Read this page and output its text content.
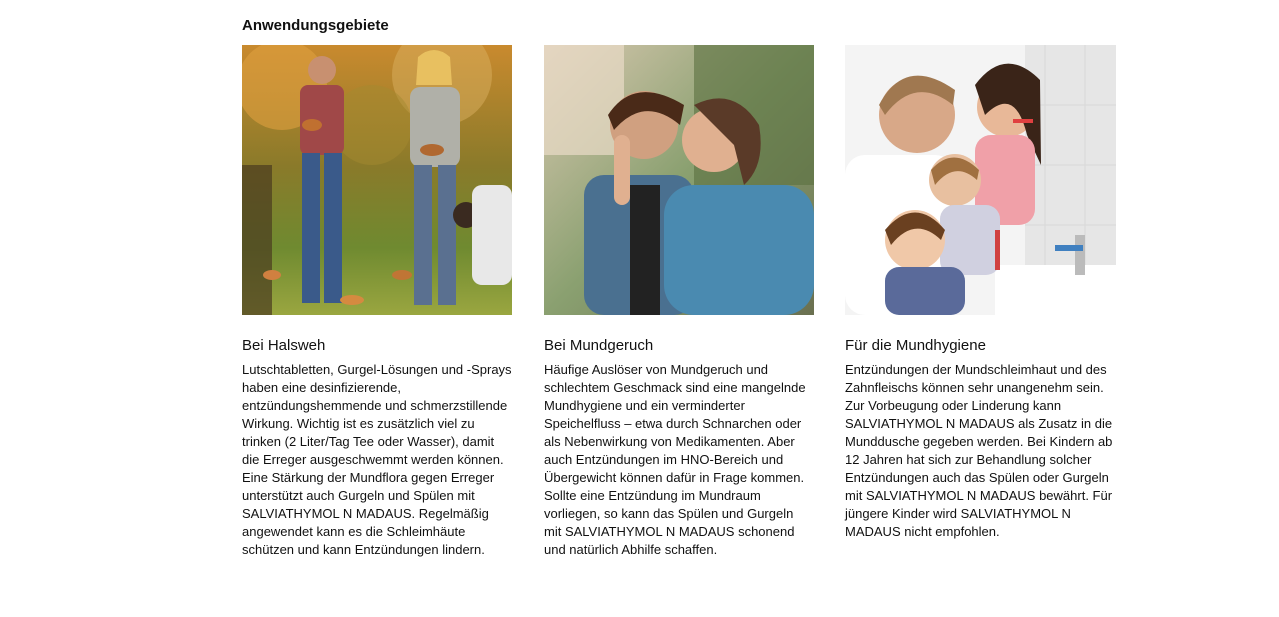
Anwendungsgebiete
Bei Halsweh

Lutschtabletten, Gurgel-Lösungen und -Sprays haben eine desinfizierende, entzündungshemmende und schmerzstillende Wirkung. Wichtig ist es zusätzlich viel zu trinken (2 Liter/Tag Tee oder Wasser), damit die Erreger ausgeschwemmt werden können. Eine Stärkung der Mundflora gegen Erreger unterstützt auch Gurgeln und Spülen mit SALVIATHYMOL N MADAUS. Regelmäßig angewendet kann es die Schleimhäute schützen und kann Entzündungen lindern.

Bei Mundgeruch

Häufige Auslöser von Mundgeruch und schlechtem Geschmack sind eine mangelnde Mundhygiene und ein verminderter Speichelfluss – etwa durch Schnarchen oder als Nebenwirkung von Medikamenten. Aber auch Entzündungen im HNO-Bereich und Übergewicht können dafür in Frage kommen. Sollte eine Entzündung im Mundraum vorliegen, so kann das Spülen und Gurgeln mit SALVIATHYMOL N MADAUS schonend und natürlich Abhilfe schaffen.

Für die Mundhygiene

Entzündungen der Mundschleimhaut und des Zahnfleischs können sehr unangenehm sein. Zur Vorbeugung oder Linderung kann SALVIATHYMOL N MADAUS als Zusatz in die Munddusche gegeben werden. Bei Kindern ab 12 Jahren hat sich zur Behandlung solcher Entzündungen auch das Spülen oder Gurgeln mit SALVIATHYMOL N MADAUS bewährt. Für jüngere Kinder wird SALVIATHYMOL N MADAUS nicht empfohlen.
